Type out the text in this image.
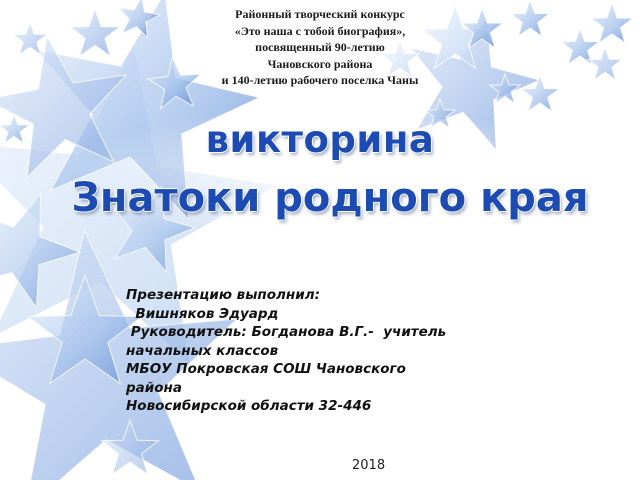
Районный творческий конкурс
«Это наша с тобой биография»,
посвященный 90-летию
Чановского района
и 140-летию рабочего поселка Чаны
викторина
Знатоки родного края
Презентацию выполнил:
Вишняков Эдуард
Руководитель: Богданова В.Г.-  учитель
начальных классов
МБОУ Покровская СОШ Чановского
района
Новосибирской области 32-446
2018
